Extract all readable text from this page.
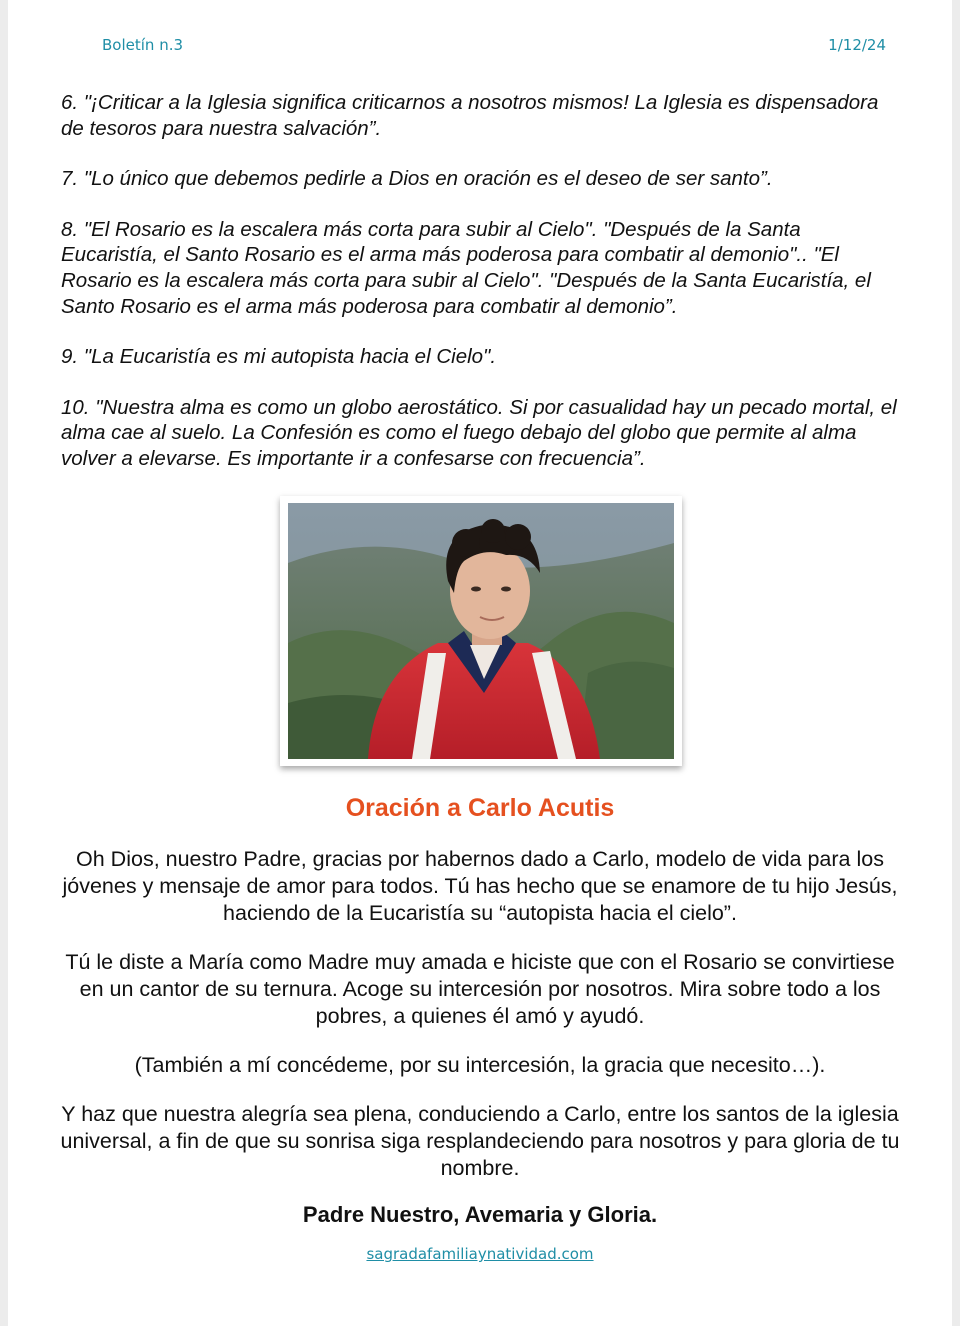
Boletín n.3	1/12/24

6. "¡Criticar a la Iglesia significa criticarnos a nosotros mismos! La Iglesia es dispensadora de tesoros para nuestra salvación”.

7. "Lo único que debemos pedirle a Dios en oración es el deseo de ser santo”.

8. "El Rosario es la escalera más corta para subir al Cielo". "Después de la Santa Eucaristía, el Santo Rosario es el arma más poderosa para combatir al demonio".. "El Rosario es la escalera más corta para subir al Cielo". "Después de la Santa Eucaristía, el Santo Rosario es el arma más poderosa para combatir al demonio”.

9. "La Eucaristía es mi autopista hacia el Cielo".

10. "Nuestra alma es como un globo aerostático. Si por casualidad hay un pecado mortal, el alma cae al suelo. La Confesión es como el fuego debajo del globo que permite al alma volver a elevarse. Es importante ir a confesarse con frecuencia”.

Oración a Carlo Acutis

Oh Dios, nuestro Padre, gracias por habernos dado a Carlo, modelo de vida para los jóvenes y mensaje de amor para todos. Tú has hecho que se enamore de tu hijo Jesús, haciendo de la Eucaristía su “autopista hacia el cielo”.

Tú le diste a María como Madre muy amada e hiciste que con el Rosario se convirtiese en un cantor de su ternura. Acoge su intercesión por nosotros. Mira sobre todo a los pobres, a quienes él amó y ayudó.

(También a mí concédeme, por su intercesión, la gracia que necesito…).

Y haz que nuestra alegría sea plena, conduciendo a Carlo, entre los santos de la iglesia universal, a fin de que su sonrisa siga resplandeciendo para nosotros y para gloria de tu nombre.

Padre Nuestro, Avemaria y Gloria.
sagradafamiliaynatividad.com
